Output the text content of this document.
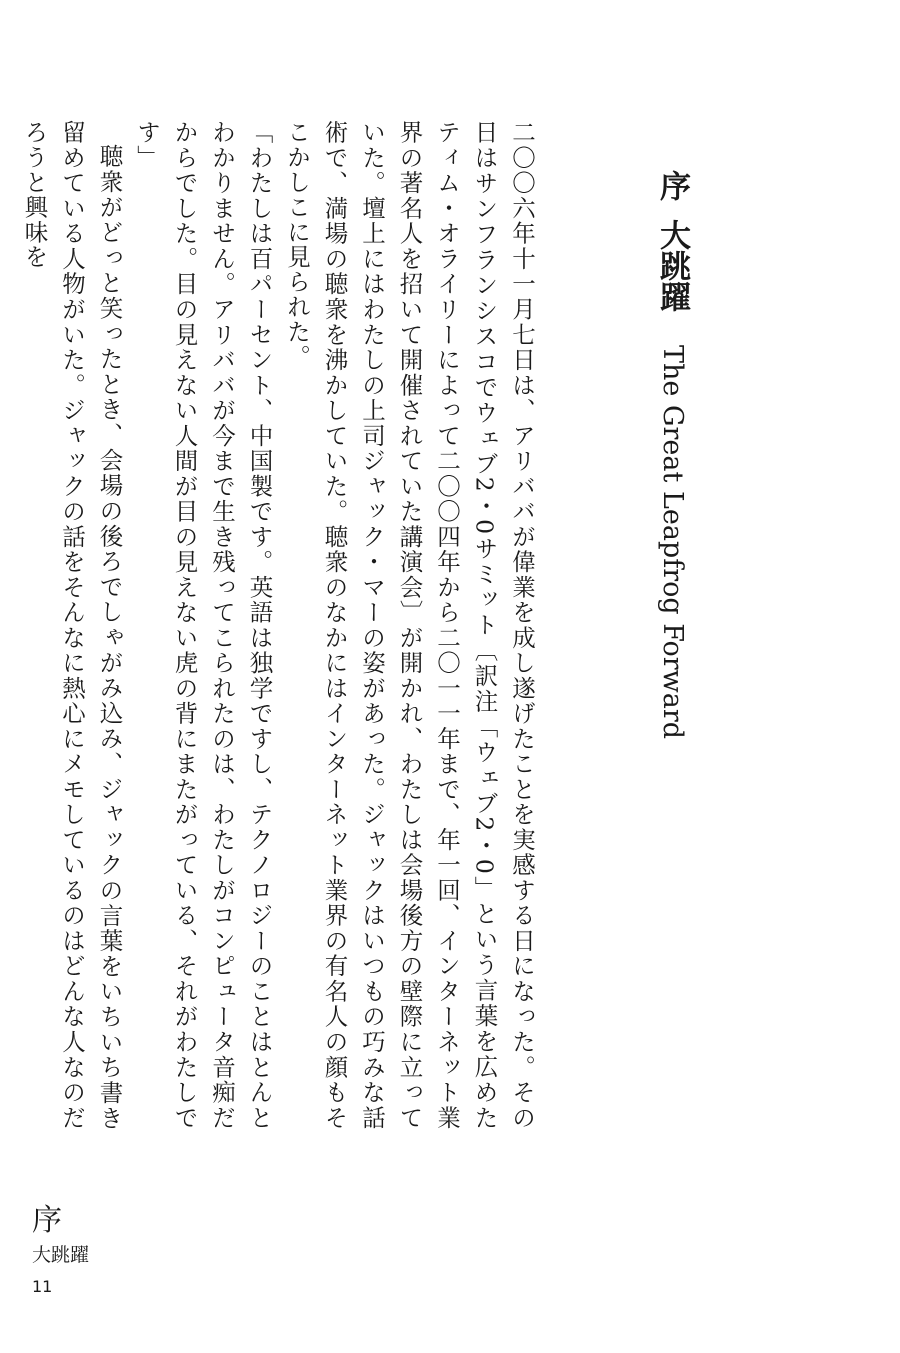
序大跳躍 The Great Leapfrog Forward

二〇〇六年十一月七日は、アリババが偉業を成し遂げたことを実感する日になった。その日はサンフランシスコでウェブ2・0サミット〔訳注「ウェブ2・0」という言葉を広めたティム・オライリーによって二〇〇四年から二〇一一年まで、年一回、インターネット業界の著名人を招いて開催されていた講演会〕が開かれ、わたしは会場後方の壁際に立っていた。壇上にはわたしの上司ジャック・マーの姿があった。ジャックはいつもの巧みな話術で、満場の聴衆を沸かしていた。聴衆のなかにはインターネット業界の有名人の顔もそこかしこに見られた。

「わたしは百パーセント、中国製です。英語は独学ですし、テクノロジーのことはとんとわかりません。アリババが今まで生き残ってこられたのは、わたしがコンピュータ音痴だからでした。目の見えない人間が目の見えない虎の背にまたがっている、それがわたしです」

聴衆がどっと笑ったとき、会場の後ろでしゃがみ込み、ジャックの言葉をいちいち書き留めている人物がいた。ジャックの話をそんなに熱心にメモしているのはどんな人なのだろうと興味を

序
大跳躍
11
